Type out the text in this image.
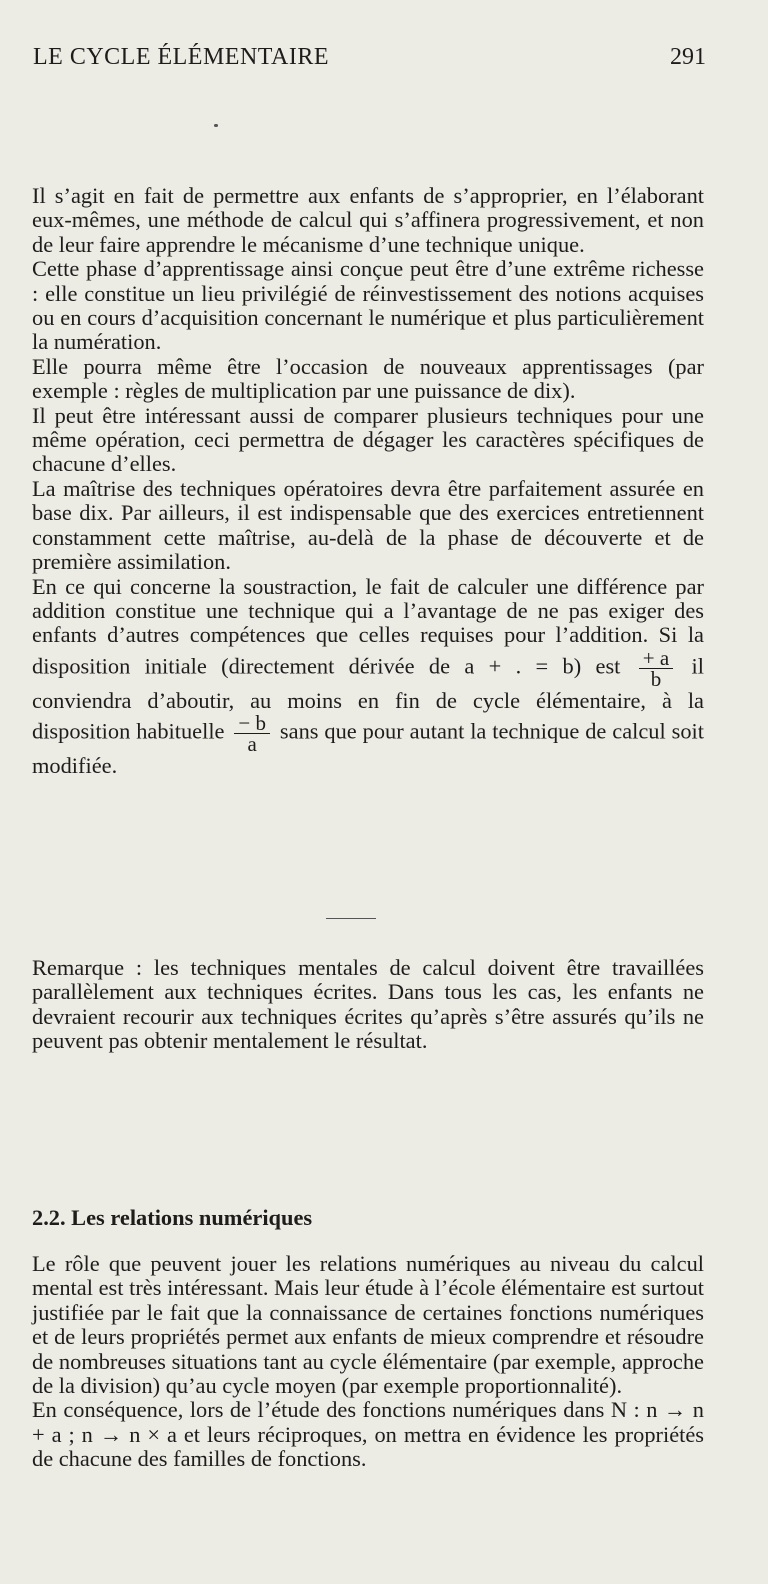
LE CYCLE ÉLÉMENTAIRE	291

Il s’agit en fait de permettre aux enfants de s’approprier, en l’élaborant eux-mêmes, une méthode de calcul qui s’affinera progressivement, et non de leur faire apprendre le mécanisme d’une technique unique.

Cette phase d’apprentissage ainsi conçue peut être d’une extrême richesse : elle constitue un lieu privilégié de réinvestissement des notions acquises ou en cours d’acquisition concernant le numérique et plus particulièrement la numération.

Elle pourra même être l’occasion de nouveaux apprentissages (par exemple : règles de multiplication par une puissance de dix).

Il peut être intéressant aussi de comparer plusieurs techniques pour une même opération, ceci permettra de dégager les caractères spécifiques de chacune d’elles.

La maîtrise des techniques opératoires devra être parfaitement assurée en base dix. Par ailleurs, il est indispensable que des exercices entretiennent constamment cette maîtrise, au-delà de la phase de découverte et de première assimilation.

En ce qui concerne la soustraction, le fait de calculer une différence par addition constitue une technique qui a l’avantage de ne pas exiger des enfants d’autres compétences que celles requises pour l’addition. Si la disposition initiale (directement dérivée de a + . = b) est $\frac{+ a}{b}$ il conviendra d’aboutir, au moins en fin de cycle élémentaire, à la disposition habituelle $\frac{- b}{a}$ sans que pour autant la technique de calcul soit modifiée.

Remarque : les techniques mentales de calcul doivent être travaillées parallèlement aux techniques écrites. Dans tous les cas, les enfants ne devraient recourir aux techniques écrites qu’après s’être assurés qu’ils ne peuvent pas obtenir mentalement le résultat.

2.2. Les relations numériques

Le rôle que peuvent jouer les relations numériques au niveau du calcul mental est très intéressant. Mais leur étude à l’école élémentaire est surtout justifiée par le fait que la connaissance de certaines fonctions numériques et de leurs propriétés permet aux enfants de mieux comprendre et résoudre de nombreuses situations tant au cycle élémentaire (par exemple, approche de la division) qu’au cycle moyen (par exemple proportionnalité).

En conséquence, lors de l’étude des fonctions numériques dans N : n → n + a ; n → n × a et leurs réciproques, on mettra en évidence les propriétés de chacune des familles de fonctions.
